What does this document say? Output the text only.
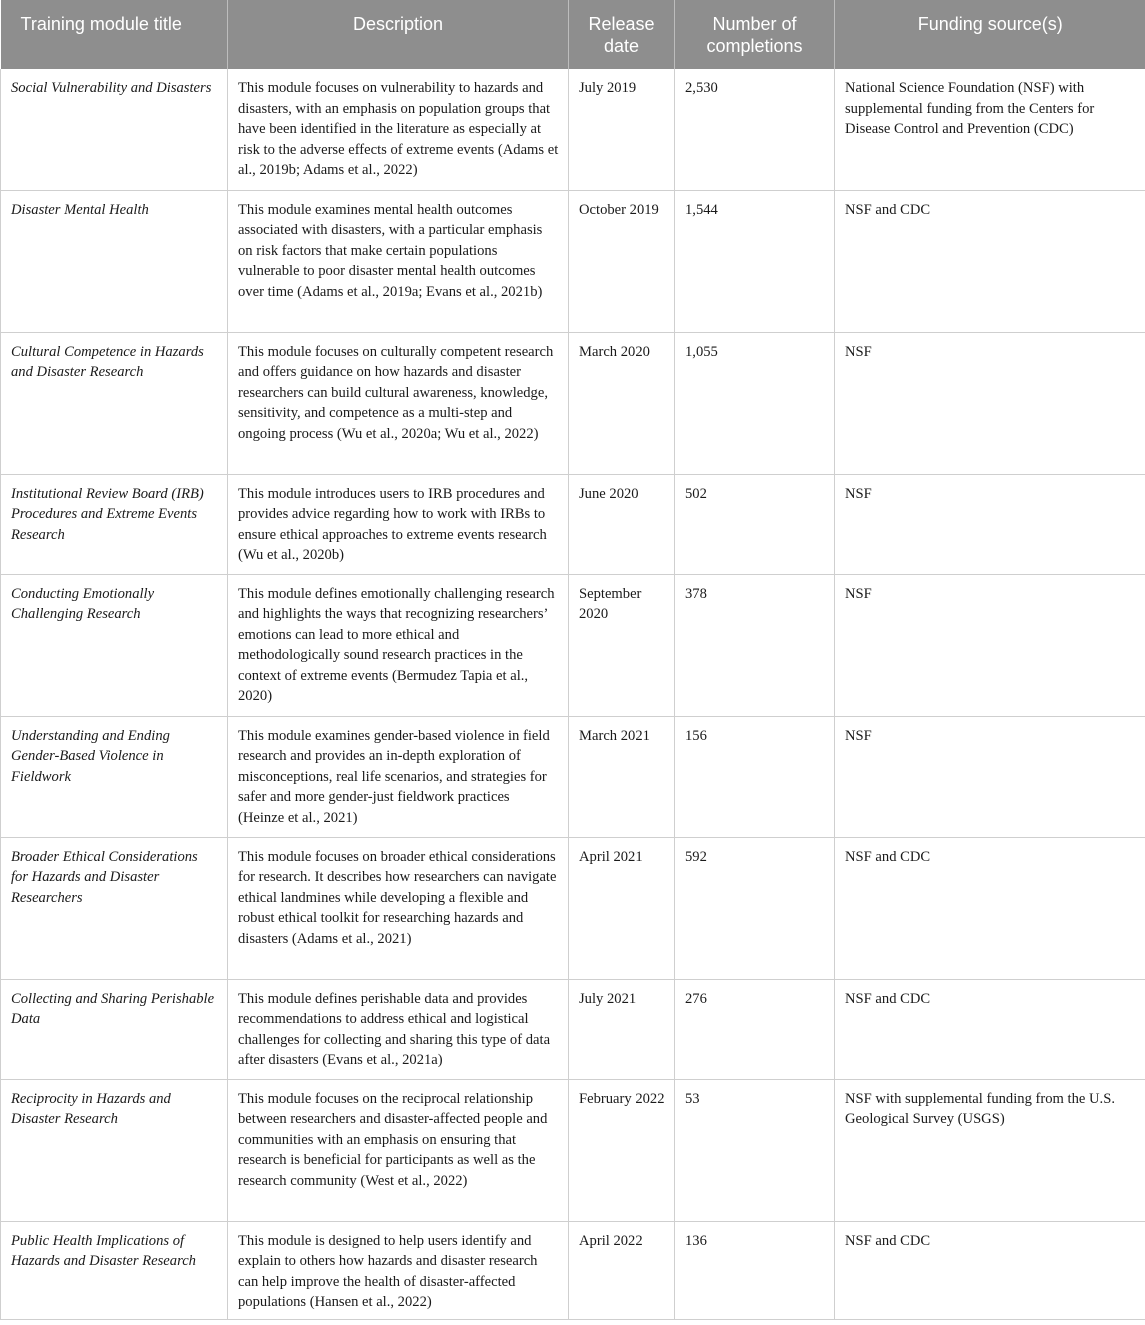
Training module title	Description	Release date	Number of completions	Funding source(s)
Social Vulnerability and Disasters	This module focuses on vulnerability to hazards and disasters, with an emphasis on population groups that have been identified in the literature as especially at risk to the adverse effects of extreme events (Adams et al., 2019b; Adams et al., 2022)	July 2019	2,530	National Science Foundation (NSF) with supplemental funding from the Centers for Disease Control and Prevention (CDC)
Disaster Mental Health	This module examines mental health outcomes associated with disasters, with a particular emphasis on risk factors that make certain populations vulnerable to poor disaster mental health outcomes over time (Adams et al., 2019a; Evans et al., 2021b)	October 2019	1,544	NSF and CDC
Cultural Competence in Hazards and Disaster Research	This module focuses on culturally competent research and offers guidance on how hazards and disaster researchers can build cultural awareness, knowledge, sensitivity, and competence as a multi-step and ongoing process (Wu et al., 2020a; Wu et al., 2022)	March 2020	1,055	NSF
Institutional Review Board (IRB) Procedures and Extreme Events Research	This module introduces users to IRB procedures and provides advice regarding how to work with IRBs to ensure ethical approaches to extreme events research (Wu et al., 2020b)	June 2020	502	NSF
Conducting Emotionally Challenging Research	This module defines emotionally challenging research and highlights the ways that recognizing researchers’ emotions can lead to more ethical and methodologically sound research practices in the context of extreme events (Bermudez Tapia et al., 2020)	September 2020	378	NSF
Understanding and Ending Gender-Based Violence in Fieldwork	This module examines gender-based violence in field research and provides an in-depth exploration of misconceptions, real life scenarios, and strategies for safer and more gender-just fieldwork practices (Heinze et al., 2021)	March 2021	156	NSF
Broader Ethical Considerations for Hazards and Disaster Researchers	This module focuses on broader ethical considerations for research. It describes how researchers can navigate ethical landmines while developing a flexible and robust ethical toolkit for researching hazards and disasters (Adams et al., 2021)	April 2021	592	NSF and CDC
Collecting and Sharing Perishable Data	This module defines perishable data and provides recommendations to address ethical and logistical challenges for collecting and sharing this type of data after disasters (Evans et al., 2021a)	July 2021	276	NSF and CDC
Reciprocity in Hazards and Disaster Research	This module focuses on the reciprocal relationship between researchers and disaster-affected people and communities with an emphasis on ensuring that research is beneficial for participants as well as the research community (West et al., 2022)	February 2022	53	NSF with supplemental funding from the U.S. Geological Survey (USGS)
Public Health Implications of Hazards and Disaster Research	This module is designed to help users identify and explain to others how hazards and disaster research can help improve the health of disaster-affected populations (Hansen et al., 2022)	April 2022	136	NSF and CDC
